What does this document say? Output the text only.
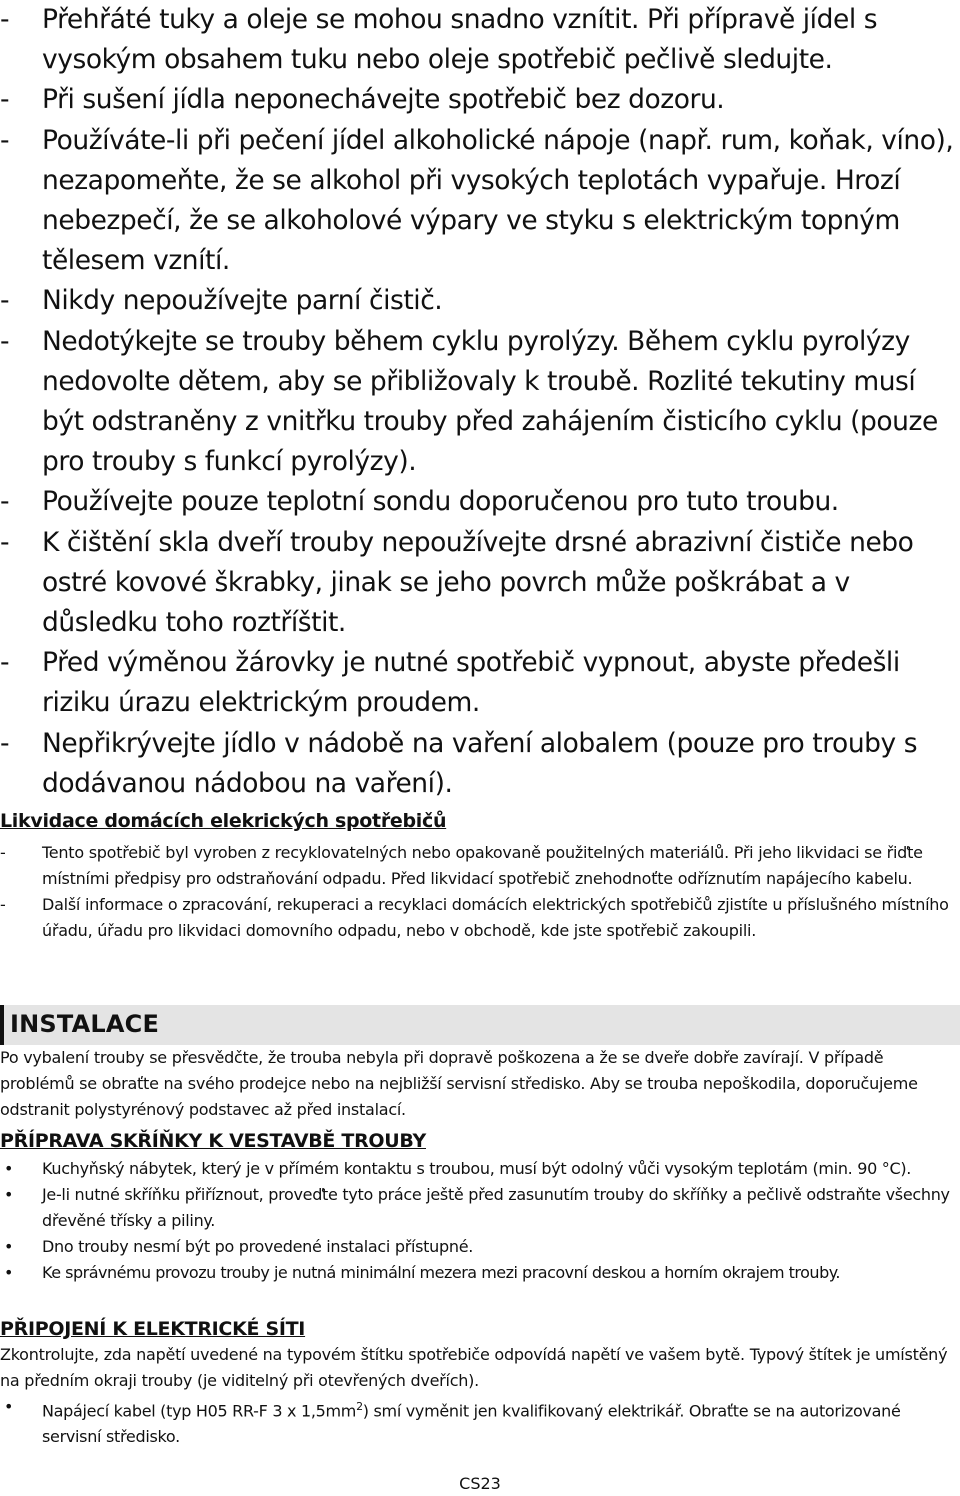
- Přehřáté tuky a oleje se mohou snadno vznítit. Při přípravě jídel s vysokým obsahem tuku nebo oleje spotřebič pečlivě sledujte.
- Při sušení jídla neponechávejte spotřebič bez dozoru.
- Používáte-li při pečení jídel alkoholické nápoje (např. rum, koňak, víno), nezapomeňte, že se alkohol při vysokých teplotách vypařuje. Hrozí nebezpečí, že se alkoholové výpary ve styku s elektrickým topným tělesem vznítí.
- Nikdy nepoužívejte parní čistič.
- Nedotýkejte se trouby během cyklu pyrolýzy. Během cyklu pyrolýzy nedovolte dětem, aby se přibližovaly k troubě. Rozlité tekutiny musí být odstraněny z vnitřku trouby před zahájením čisticího cyklu (pouze pro trouby s funkcí pyrolýzy).
- Používejte pouze teplotní sondu doporučenou pro tuto troubu.
- K čištění skla dveří trouby nepoužívejte drsné abrazivní čističe nebo ostré kovové škrabky, jinak se jeho povrch může poškrábat a v důsledku toho roztříštit.
- Před výměnou žárovky je nutné spotřebič vypnout, abyste předešli riziku úrazu elektrickým proudem.
- Nepřikrývejte jídlo v nádobě na vaření alobalem (pouze pro trouby s dodávanou nádobou na vaření).
Likvidace domácích elekrických spotřebičů
- Tento spotřebič byl vyroben z recyklovatelných nebo opakovaně použitelných materiálů. Při jeho likvidaci se řiďte místními předpisy pro odstraňování odpadu. Před likvidací spotřebič znehodnoťte odříznutím napájecího kabelu.
- Další informace o zpracování, rekuperaci a recyklaci domácích elektrických spotřebičů zjistíte u příslušného místního úřadu, úřadu pro likvidaci domovního odpadu, nebo v obchodě, kde jste spotřebič zakoupili.
INSTALACE
Po vybalení trouby se přesvědčte, že trouba nebyla při dopravě poškozena a že se dveře dobře zavírají. V případě problémů se obraťte na svého prodejce nebo na nejbližší servisní středisko. Aby se trouba nepoškodila, doporučujeme odstranit polystyrénový podstavec až před instalací.
PŘÍPRAVA SKŘÍŇKY K VESTAVBĚ TROUBY
• Kuchyňský nábytek, který je v přímém kontaktu s troubou, musí být odolný vůči vysokým teplotám (min. 90 °C).
• Je-li nutné skříňku přiříznout, proveďte tyto práce ještě před zasunutím trouby do skříňky a pečlivě odstraňte všechny dřevěné třísky a piliny.
• Dno trouby nesmí být po provedené instalaci přístupné.
• Ke správnému provozu trouby je nutná minimální mezera mezi pracovní deskou a horním okrajem trouby.
PŘIPOJENÍ K ELEKTRICKÉ SÍTI
Zkontrolujte, zda napětí uvedené na typovém štítku spotřebiče odpovídá napětí ve vašem bytě. Typový štítek je umístěný na předním okraji trouby (je viditelný při otevřených dveřích).
• Napájecí kabel (typ H05 RR-F 3 x $1,5mm^2$) smí vyměnit jen kvalifikovaný elektrikář. Obraťte se na autorizované servisní středisko.
CS23
